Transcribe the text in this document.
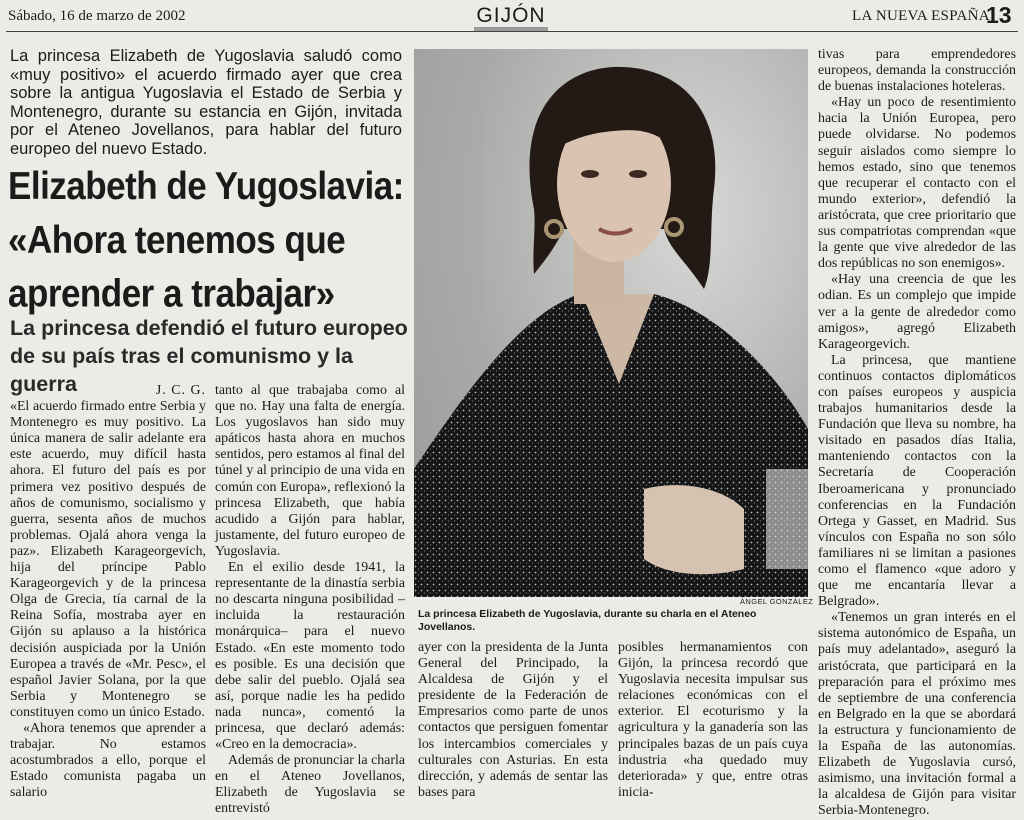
Sábado, 16 de marzo de 2002	GIJÓN	LA NUEVA ESPAÑA
13

La princesa Elizabeth de Yugoslavia saludó como «muy positivo» el acuerdo firmado ayer que crea sobre la antigua Yugoslavia el Estado de Serbia y Montenegro, durante su estancia en Gijón, invitada por el Ateneo Jovellanos, para hablar del futuro europeo del nuevo Estado.

Elizabeth de Yugoslavia:
«Ahora tenemos que
aprender a trabajar»
La princesa defendió el futuro europeo
de su país tras el comunismo y la guerra	J. C. G.

«El acuerdo firmado entre Serbia y Montenegro es muy positivo. La única manera de salir adelante era este acuerdo, muy difícil hasta ahora. El futuro del país es por primera vez positivo después de años de comunismo, socialismo y guerra, sesenta años de muchos problemas. Ojalá ahora venga la paz». Elizabeth Karageorgevich, hija del príncipe Pablo Karageorgevich y de la princesa Olga de Grecia, tía carnal de la Reina Sofía, mostraba ayer en Gijón su aplauso a la histórica decisión auspiciada por la Unión Europea a través de «Mr. Pesc», el español Javier Solana, por la que Serbia y Montenegro se constituyen como un único Estado.

«Ahora tenemos que aprender a trabajar. No estamos acostumbrados a ello, porque el Estado comunista pagaba un salario

tanto al que trabajaba como al que no. Hay una falta de energía. Los yugoslavos han sido muy apáticos hasta ahora en muchos sentidos, pero estamos al final del túnel y al principio de una vida en común con Europa», reflexionó la princesa Elizabeth, que había acudido a Gijón para hablar, justamente, del futuro europeo de Yugoslavia.

En el exilio desde 1941, la representante de la dinastía serbia no descarta ninguna posibilidad –incluida la restauración monárquica– para el nuevo Estado. «En este momento todo es posible. Es una decisión que debe salir del pueblo. Ojalá sea así, porque nadie les ha pedido nada nunca», comentó la princesa, que declaró además: «Creo en la democracia».

Además de pronunciar la charla en el Ateneo Jovellanos, Elizabeth de Yugoslavia se entrevistó

ÁNGEL GONZÁLEZ

La princesa Elizabeth de Yugoslavia, durante su charla en el Ateneo Jovellanos.

ayer con la presidenta de la Junta General del Principado, la Alcaldesa de Gijón y el presidente de la Federación de Empresarios como parte de unos contactos que persiguen fomentar los intercambios comerciales y culturales con Asturias. En esta dirección, y además de sentar las bases para

posibles hermanamientos con Gijón, la princesa recordó que Yugoslavia necesita impulsar sus relaciones económicas con el exterior. El ecoturismo y la agricultura y la ganadería son las principales bazas de un país cuya industria «ha quedado muy deteriorada» y que, entre otras inicia-

tivas para emprendedores europeos, demanda la construcción de buenas instalaciones hoteleras.

«Hay un poco de resentimiento hacia la Unión Europea, pero puede olvidarse. No podemos seguir aislados como siempre lo hemos estado, sino que tenemos que recuperar el contacto con el mundo exterior», defendió la aristócrata, que cree prioritario que sus compatriotas comprendan «que la gente que vive alrededor de las dos repúblicas no son enemigos».

«Hay una creencia de que les odian. Es un complejo que impide ver a la gente de alrededor como amigos», agregó Elizabeth Karageorgevich.

La princesa, que mantiene continuos contactos diplomáticos con países europeos y auspicia trabajos humanitarios desde la Fundación que lleva su nombre, ha visitado en pasados días Italia, manteniendo contactos con la Secretaría de Cooperación Iberoamericana y pronunciado conferencias en la Fundación Ortega y Gasset, en Madrid. Sus vínculos con España no son sólo familiares ni se limitan a pasiones como el flamenco «que adoro y que me encantaría llevar a Belgrado».

«Tenemos un gran interés en el sistema autonómico de España, un país muy adelantado», aseguró la aristócrata, que participará en la preparación para el próximo mes de septiembre de una conferencia en Belgrado en la que se abordará la estructura y funcionamiento de la España de las autonomías. Elizabeth de Yugoslavia cursó, asimismo, una invitación formal a la alcaldesa de Gijón para visitar Serbia-Montenegro.
